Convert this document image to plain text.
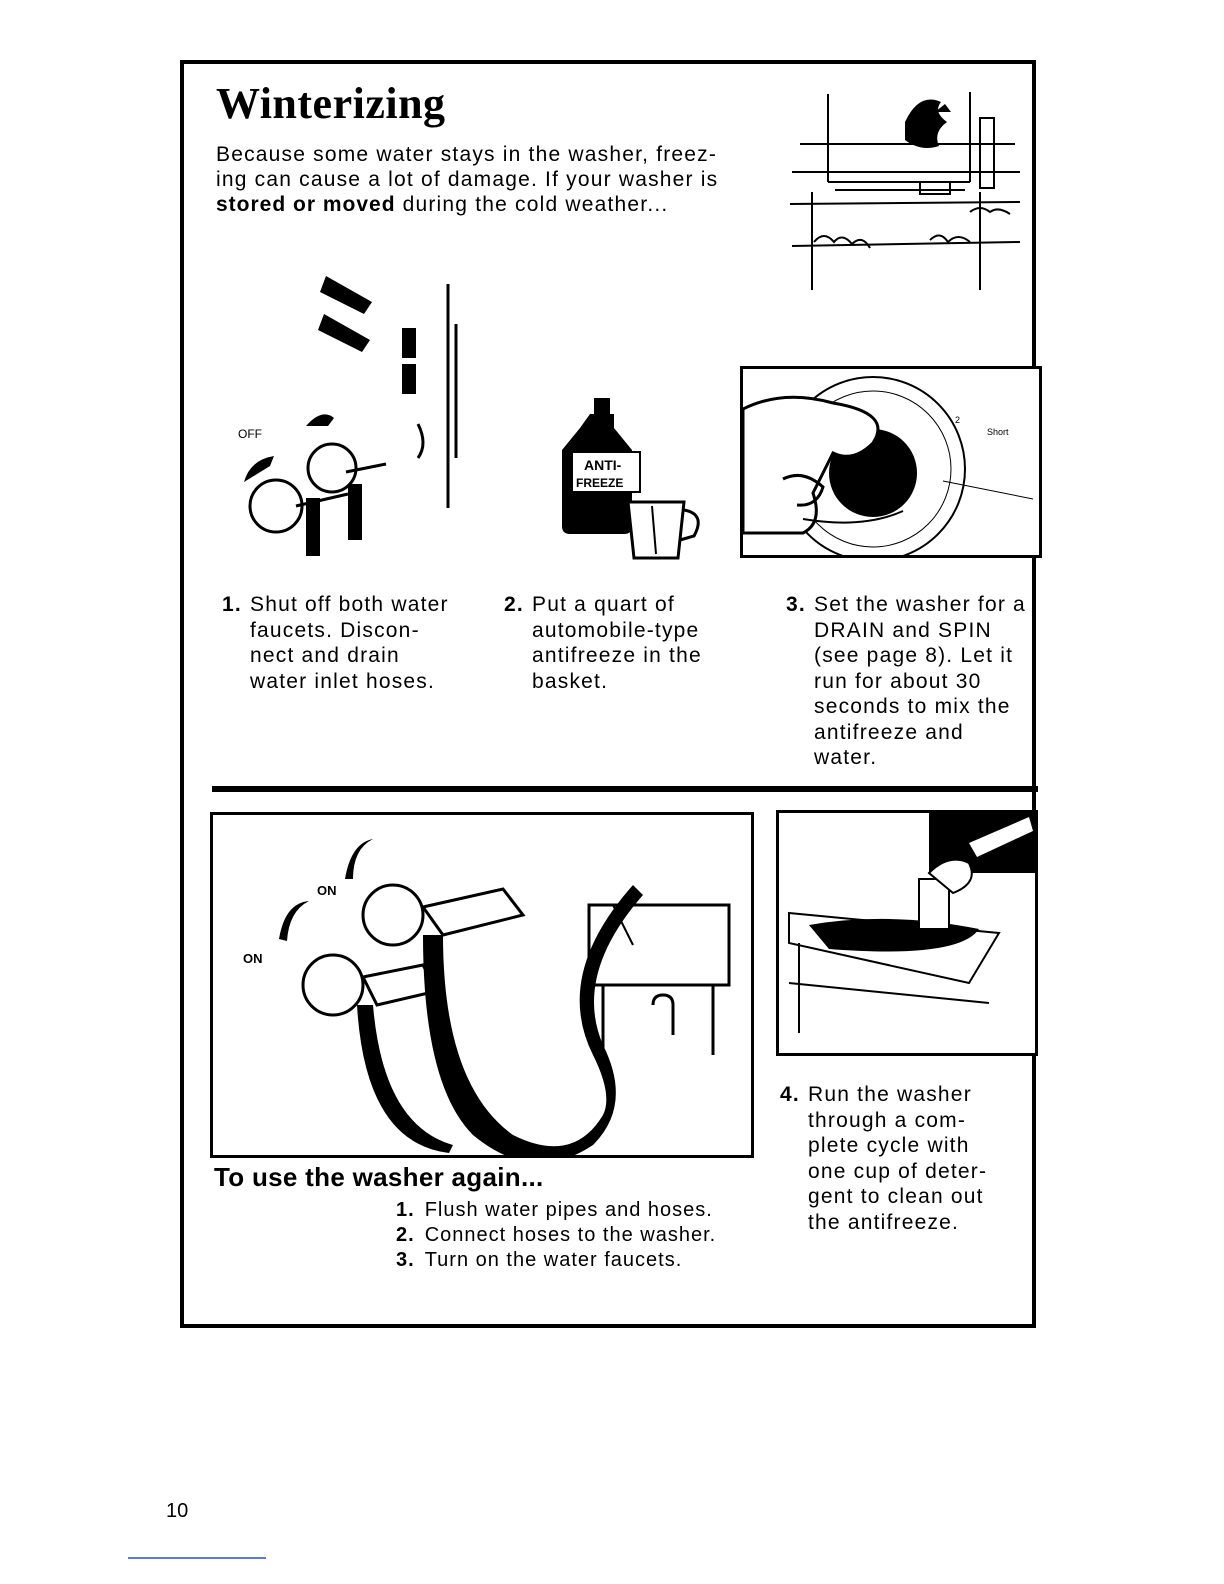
Winterizing

Because some water stays in the washer, freez-
ing can cause a lot of damage. If your washer is
stored or moved during the cold weather...

OFF
ANTI-
FREEZE
Short
2
1. Shut off both water
faucets. Discon-
nect and drain
water inlet hoses.
2. Put a quart of
automobile-type
antifreeze in the
basket.
3. Set the washer for a
DRAIN and SPIN
(see page 8). Let it
run for about 30
seconds to mix the
antifreeze and
water.
ON
ON
4. Run the washer
through a com-
plete cycle with
one cup of deter-
gent to clean out
the antifreeze.
To use the washer again...
1. Flush water pipes and hoses.
2. Connect hoses to the washer.
3. Turn on the water faucets.
10
